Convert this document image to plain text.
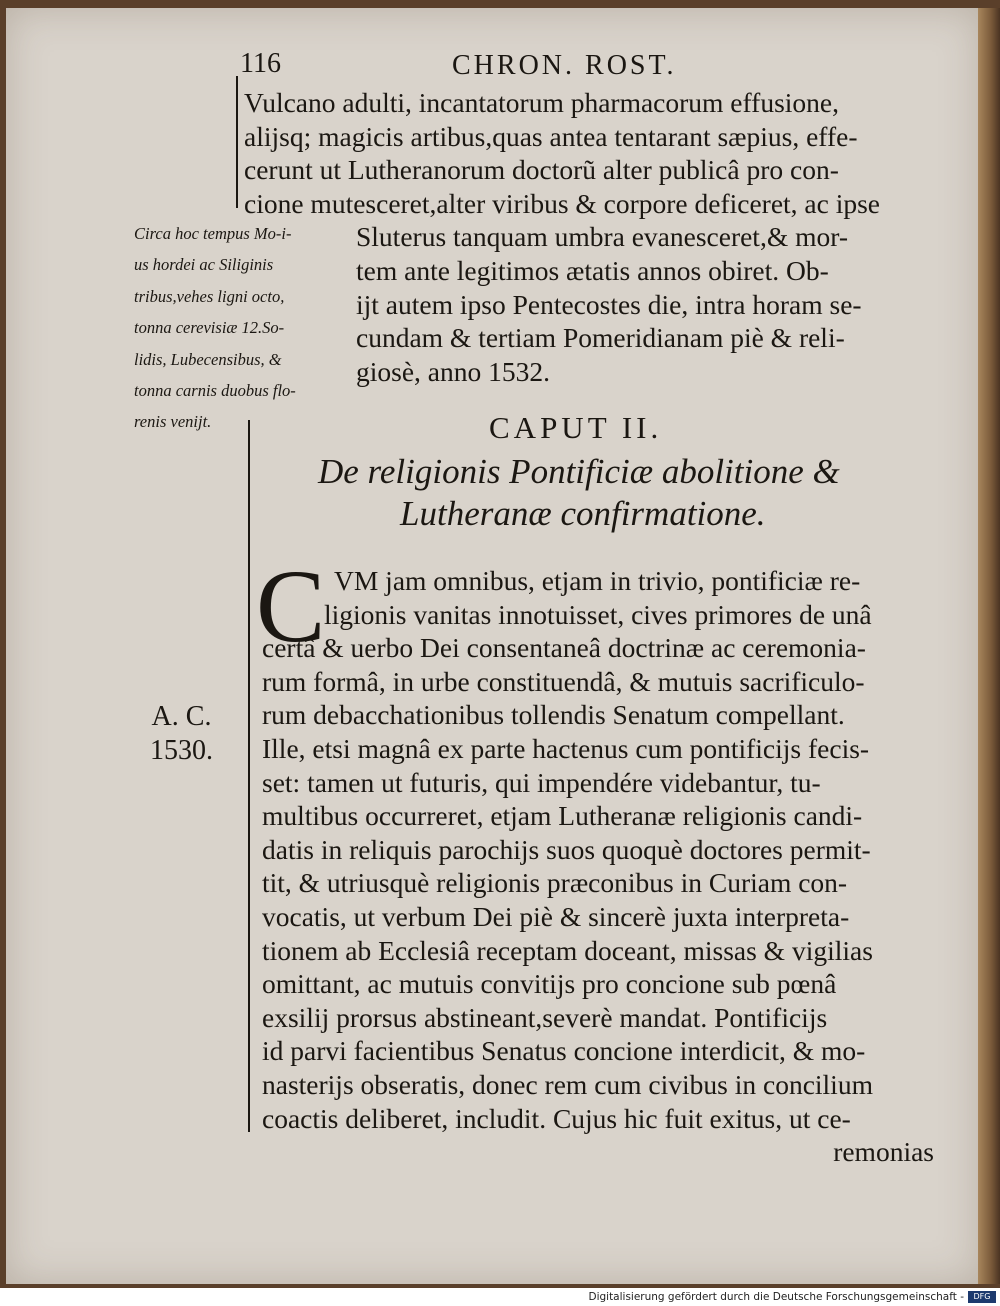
116	CHRON. ROST.
Vulcano adulti, incantatorum pharmacorum effusione,
alijsq; magicis artibus,quas antea tentarant sæpius, effe-
cerunt ut Lutheranorum doctorũ alter publicâ pro con-
cione mutesceret,alter viribus & corpore deficeret, ac ipse
Sluterus tanquam umbra evanesceret,& mor-
tem ante legitimos ætatis annos obiret. Ob-
ijt autem ipso Pentecostes die, intra horam se-
cundam & tertiam Pomeridianam piè & reli-
giosè, anno 1532.
Circa hoc tempus Mo-i-
us hordei ac Siliginis
tribus,vehes ligni octo,
tonna cerevisiæ 12.So-
lidis, Lubecensibus, &
tonna carnis duobus flo-
renis venijt.	CAPUT II.
De religionis Pontificiæ abolitione &
Lutheranæ confirmatione.
A. C.
1530.
C VM jam omnibus, etjam in trivio, pontificiæ re-
ligionis vanitas innotuisset, cives primores de unâ
certâ & uerbo Dei consentaneâ doctrinæ ac ceremonia-
rum formâ, in urbe constituendâ, & mutuis sacrificulo-
rum debacchationibus tollendis Senatum compellant.
Ille, etsi magnâ ex parte hactenus cum pontificijs fecis-
set: tamen ut futuris, qui impendére videbantur, tu-
multibus occurreret, etjam Lutheranæ religionis candi-
datis in reliquis parochijs suos quoquè doctores permit-
tit, & utriusquè religionis præconibus in Curiam con-
vocatis, ut verbum Dei piè & sincerè juxta interpreta-
tionem ab Ecclesiâ receptam doceant, missas & vigilias
omittant, ac mutuis convitijs pro concione sub pœnâ
exsilij prorsus abstineant,severè mandat. Pontificijs
id parvi facientibus Senatus concione interdicit, & mo-
nasterijs obseratis, donec rem cum civibus in concilium
coactis deliberet, includit. Cujus hic fuit exitus, ut ce-
remonias
Digitalisierung gefördert durch die Deutsche Forschungsgemeinschaft -	DFG
